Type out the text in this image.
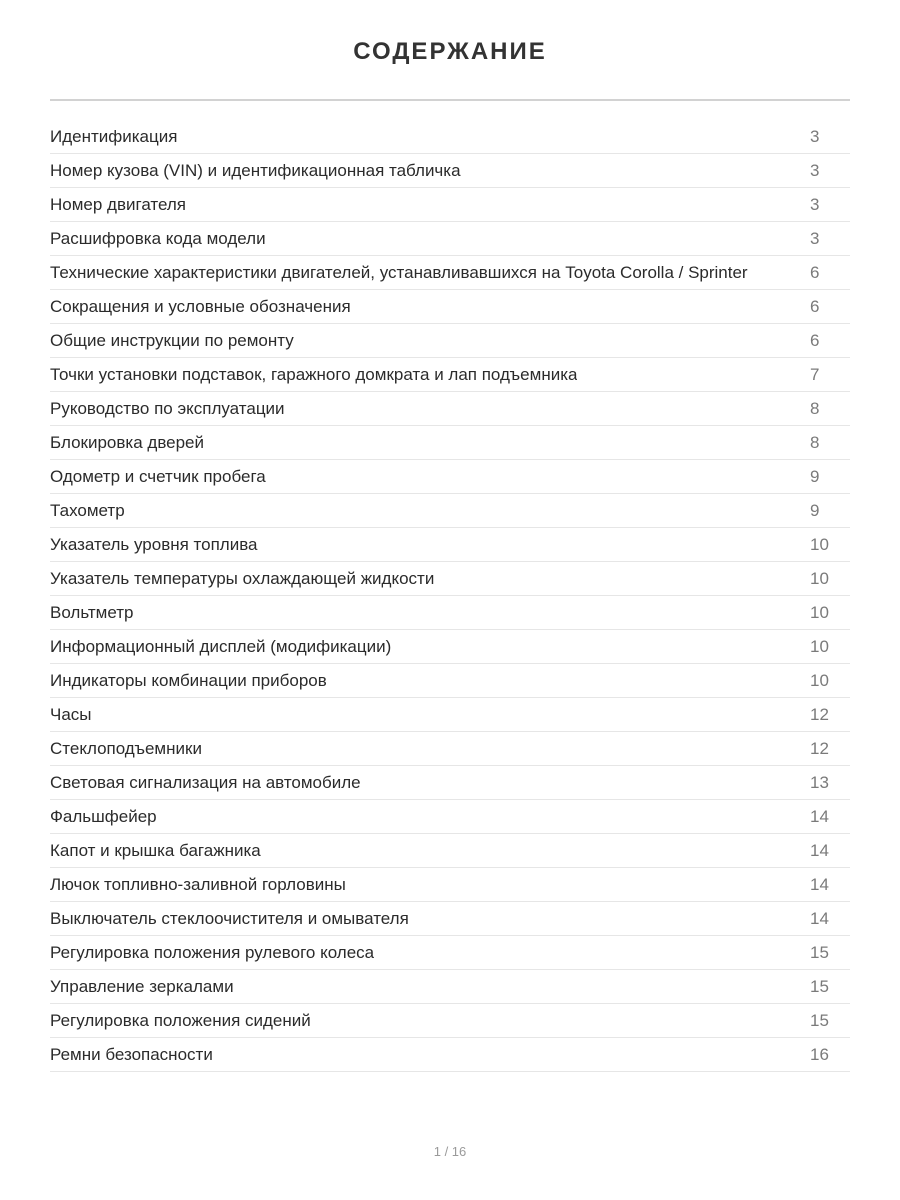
СОДЕРЖАНИЕ
Идентификация	3
Номер кузова (VIN) и идентификационная табличка	3
Номер двигателя	3
Расшифровка кода модели	3
Технические характеристики двигателей, устанавливавшихся на Toyota Corolla / Sprinter	6
Сокращения и условные обозначения	6
Общие инструкции по ремонту	6
Точки установки подставок, гаражного домкрата и лап подъемника	7
Руководство по эксплуатации	8
Блокировка дверей	8
Одометр и счетчик пробега	9
Тахометр	9
Указатель уровня топлива	10
Указатель температуры охлаждающей жидкости	10
Вольтметр	10
Информационный дисплей (модификации)	10
Индикаторы комбинации приборов	10
Часы	12
Стеклоподъемники	12
Световая сигнализация на автомобиле	13
Фальшфейер	14
Капот и крышка багажника	14
Лючок топливно-заливной горловины	14
Выключатель стеклоочистителя и омывателя	14
Регулировка положения рулевого колеса	15
Управление зеркалами	15
Регулировка положения сидений	15
Ремни безопасности	16
1 / 16
